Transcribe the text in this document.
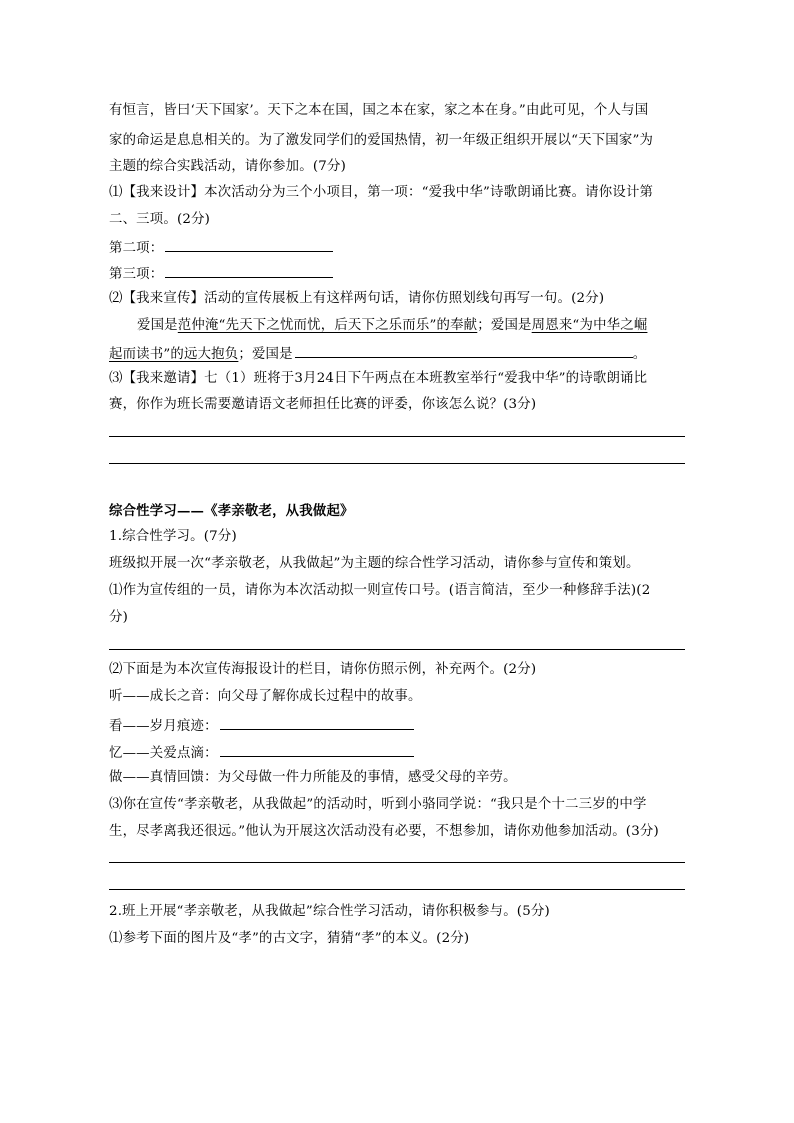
有恒言，皆曰‘天下国家’。天下之本在国，国之本在家，家之本在身。”由此可见，个人与国
家的命运是息息相关的。为了激发同学们的爱国热情，初一年级正组织开展以“天下国家”为
主题的综合实践活动，请你参加。(7分)
⑴【我来设计】本次活动分为三个小项目，第一项：“爱我中华”诗歌朗诵比赛。请你设计第
二、三项。(2分)
第二项：
第三项：
⑵【我来宣传】活动的宣传展板上有这样两句话，请你仿照划线句再写一句。(2分)
爱国是范仲淹“先天下之忧而忧，后天下之乐而乐”的奉献；爱国是周恩来“为中华之崛
起而读书”的远大抱负；爱国是	。
⑶【我来邀请】七（1）班将于3月24日下午两点在本班教室举行“爱我中华”的诗歌朗诵比
赛，你作为班长需要邀请语文老师担任比赛的评委，你该怎么说？(3分)
综合性学习——《孝亲敬老，从我做起》
1.综合性学习。(7分)
班级拟开展一次“孝亲敬老，从我做起”为主题的综合性学习活动，请你参与宣传和策划。
⑴作为宣传组的一员，请你为本次活动拟一则宣传口号。(语言简洁，至少一种修辞手法)(2
分)
⑵下面是为本次宣传海报设计的栏目，请你仿照示例，补充两个。(2分)
听——成长之音：向父母了解你成长过程中的故事。
看——岁月痕迹：
忆——关爱点滴：
做——真情回馈：为父母做一件力所能及的事情，感受父母的辛劳。
⑶你在宣传“孝亲敬老，从我做起”的活动时，听到小骆同学说：“我只是个十二三岁的中学
生，尽孝离我还很远。”他认为开展这次活动没有必要，不想参加，请你劝他参加活动。(3分)
2.班上开展“孝亲敬老，从我做起”综合性学习活动，请你积极参与。(5分)
⑴参考下面的图片及“孝”的古文字，猜猜“孝”的本义。(2分)
